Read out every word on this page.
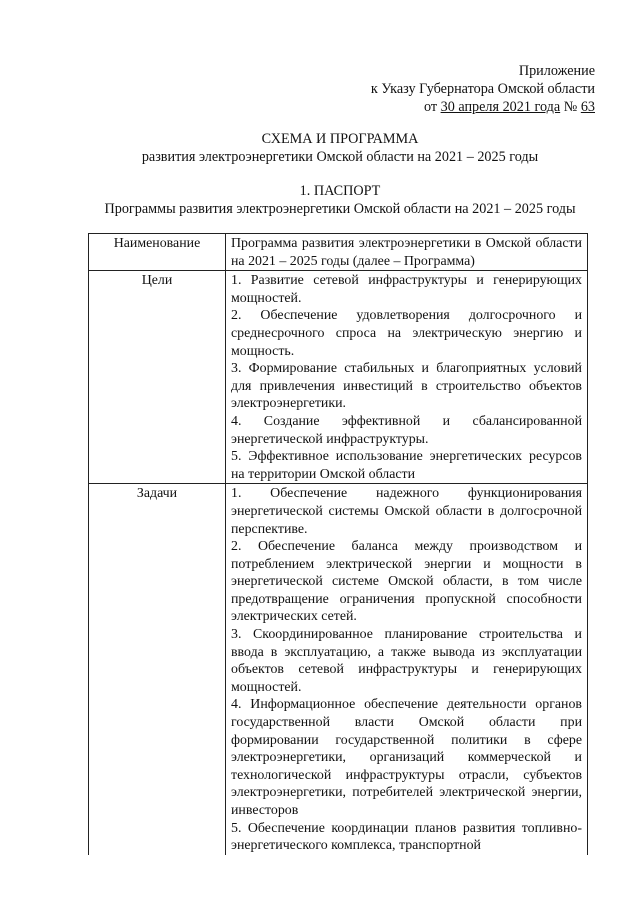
Приложение
к Указу Губернатора Омской области
от 30 апреля 2021 года № 63
СХЕМА И ПРОГРАММА
развития электроэнергетики Омской области на 2021 – 2025 годы
1. ПАСПОРТ
Программы развития электроэнергетики Омской области на 2021 – 2025 годы
Наименование	Программа развития электроэнергетики в Омской области на 2021 – 2025 годы (далее – Программа)

Цели	1. Развитие сетевой инфраструктуры и генерирующих мощностей.

2. Обеспечение удовлетворения долгосрочного и среднесрочного спроса на электрическую энергию и мощность.

3. Формирование стабильных и благоприятных условий для привлечения инвестиций в строительство объектов электроэнергетики.

4. Создание эффективной и сбалансированной энергетической инфраструктуры.

5. Эффективное использование энергетических ресурсов на территории Омской области

Задачи	1. Обеспечение надежного функционирования энергетической системы Омской области в долгосрочной перспективе.

2. Обеспечение баланса между производством и потреблением электрической энергии и мощности в энергетической системе Омской области, в том числе предотвращение ограничения пропускной способности электрических сетей.

3. Скоординированное планирование строительства и ввода в эксплуатацию, а также вывода из эксплуатации объектов сетевой инфраструктуры и генерирующих мощностей.

4. Информационное обеспечение деятельности органов государственной власти Омской области при формировании государственной политики в сфере электроэнергетики, организаций коммерческой и технологической инфраструктуры отрасли, субъектов электроэнергетики, потребителей электрической энергии, инвесторов

5. Обеспечение координации планов развития топливно-энергетического комплекса, транспортной
